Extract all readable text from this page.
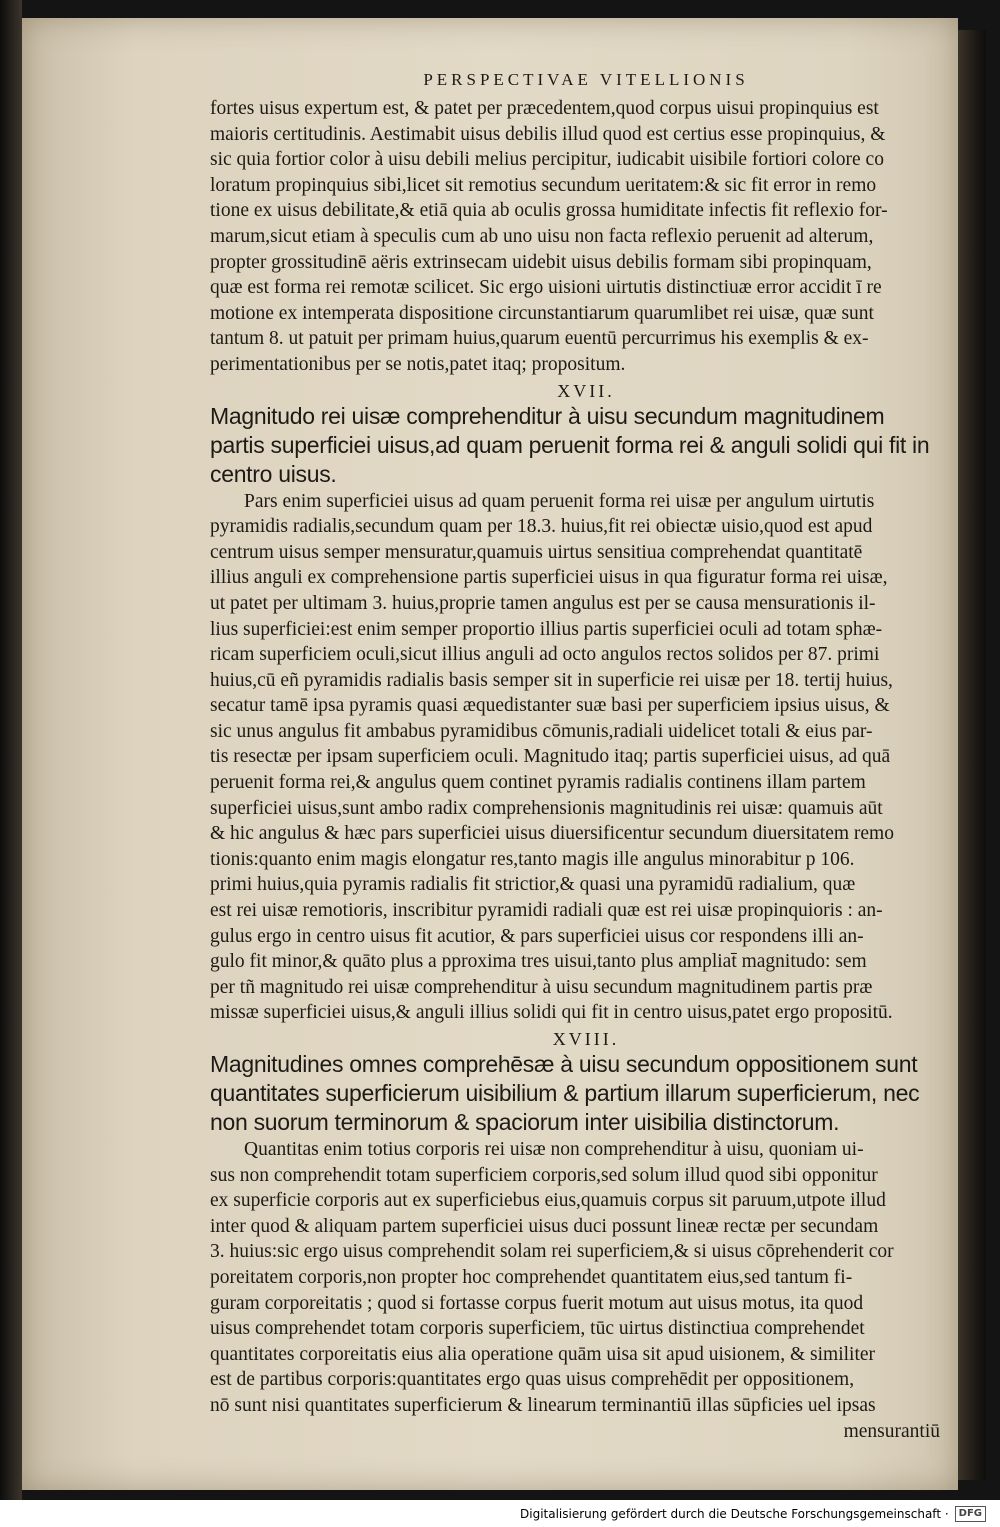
PERSPECTIVAE VITELLIONIS
fortes uisus expertum est, & patet per præcedentem,quod corpus uisui propinquius est
maioris certitudinis. Aestimabit uisus debilis illud quod est certius esse propinquius, &
sic quia fortior color à uisu debili melius percipitur, iudicabit uisibile fortiori colore co
loratum propinquius sibi,licet sit remotius secundum ueritatem:& sic fit error in remo
tione ex uisus debilitate,& etiā quia ab oculis grossa humiditate infectis fit reflexio for-
marum,sicut etiam à speculis cum ab uno uisu non facta reflexio peruenit ad alterum,
propter grossitudinē aëris extrinsecam uidebit uisus debilis formam sibi propinquam,
quæ est forma rei remotæ scilicet. Sic ergo uisioni uirtutis distinctiuæ error accidit ī re
motione ex intemperata dispositione circunstantiarum quarumlibet rei uisæ, quæ sunt
tantum 8. ut patuit per primam huius,quarum euentū percurrimus his exemplis & ex-
perimentationibus per se notis,patet itaq; propositum.
XVII.
Magnitudo rei uisæ comprehenditur à uisu secundum magnitudinem
partis superficiei uisus,ad quam peruenit forma rei & anguli solidi qui fit in
centro uisus.
Pars enim superficiei uisus ad quam peruenit forma rei uisæ per angulum uirtutis
pyramidis radialis,secundum quam per 18.3. huius,fit rei obiectæ uisio,quod est apud
centrum uisus semper mensuratur,quamuis uirtus sensitiua comprehendat quantitatē
illius anguli ex comprehensione partis superficiei uisus in qua figuratur forma rei uisæ,
ut patet per ultimam 3. huius,proprie tamen angulus est per se causa mensurationis il-
lius superficiei:est enim semper proportio illius partis superficiei oculi ad totam sphæ-
ricam superficiem oculi,sicut illius anguli ad octo angulos rectos solidos per 87. primi
huius,cū eñ pyramidis radialis basis semper sit in superficie rei uisæ per 18. tertij huius,
secatur tamē ipsa pyramis quasi æquedistanter suæ basi per superficiem ipsius uisus, &
sic unus angulus fit ambabus pyramidibus cōmunis,radiali uidelicet totali & eius par-
tis resectæ per ipsam superficiem oculi. Magnitudo itaq; partis superficiei uisus, ad quā
peruenit forma rei,& angulus quem continet pyramis radialis continens illam partem
superficiei uisus,sunt ambo radix comprehensionis magnitudinis rei uisæ: quamuis aūt
& hic angulus & hæc pars superficiei uisus diuersificentur secundum diuersitatem remo
tionis:quanto enim magis elongatur res,tanto magis ille angulus minorabitur p 106.
primi huius,quia pyramis radialis fit strictior,& quasi una pyramidū radialium, quæ
est rei uisæ remotioris, inscribitur pyramidi radiali quæ est rei uisæ propinquioris : an-
gulus ergo in centro uisus fit acutior, & pars superficiei uisus cor respondens illi an-
gulo fit minor,& quāto plus a pproxima tres uisui,tanto plus ampliat̄ magnitudo: sem
per tñ magnitudo rei uisæ comprehenditur à uisu secundum magnitudinem partis præ
missæ superficiei uisus,& anguli illius solidi qui fit in centro uisus,patet ergo propositū.
XVIII.
Magnitudines omnes comprehēsæ à uisu secundum oppositionem sunt
quantitates superficierum uisibilium & partium illarum superficierum, nec
non suorum terminorum & spaciorum inter uisibilia distinctorum.
Quantitas enim totius corporis rei uisæ non comprehenditur à uisu, quoniam ui-
sus non comprehendit totam superficiem corporis,sed solum illud quod sibi opponitur
ex superficie corporis aut ex superficiebus eius,quamuis corpus sit paruum,utpote illud
inter quod & aliquam partem superficiei uisus duci possunt lineæ rectæ per secundam
3. huius:sic ergo uisus comprehendit solam rei superficiem,& si uisus cōprehenderit cor
poreitatem corporis,non propter hoc comprehendet quantitatem eius,sed tantum fi-
guram corporeitatis ; quod si fortasse corpus fuerit motum aut uisus motus, ita quod
uisus comprehendet totam corporis superficiem, tūc uirtus distinctiua comprehendet
quantitates corporeitatis eius alia operatione quām uisa sit apud uisionem, & similiter
est de partibus corporis:quantitates ergo quas uisus comprehēdit per oppositionem,
nō sunt nisi quantitates superficierum & linearum terminantiū illas sūpficies uel ipsas
mensurantiū
Digitalisierung gefördert durch die Deutsche Forschungsgemeinschaft ·	DFG
